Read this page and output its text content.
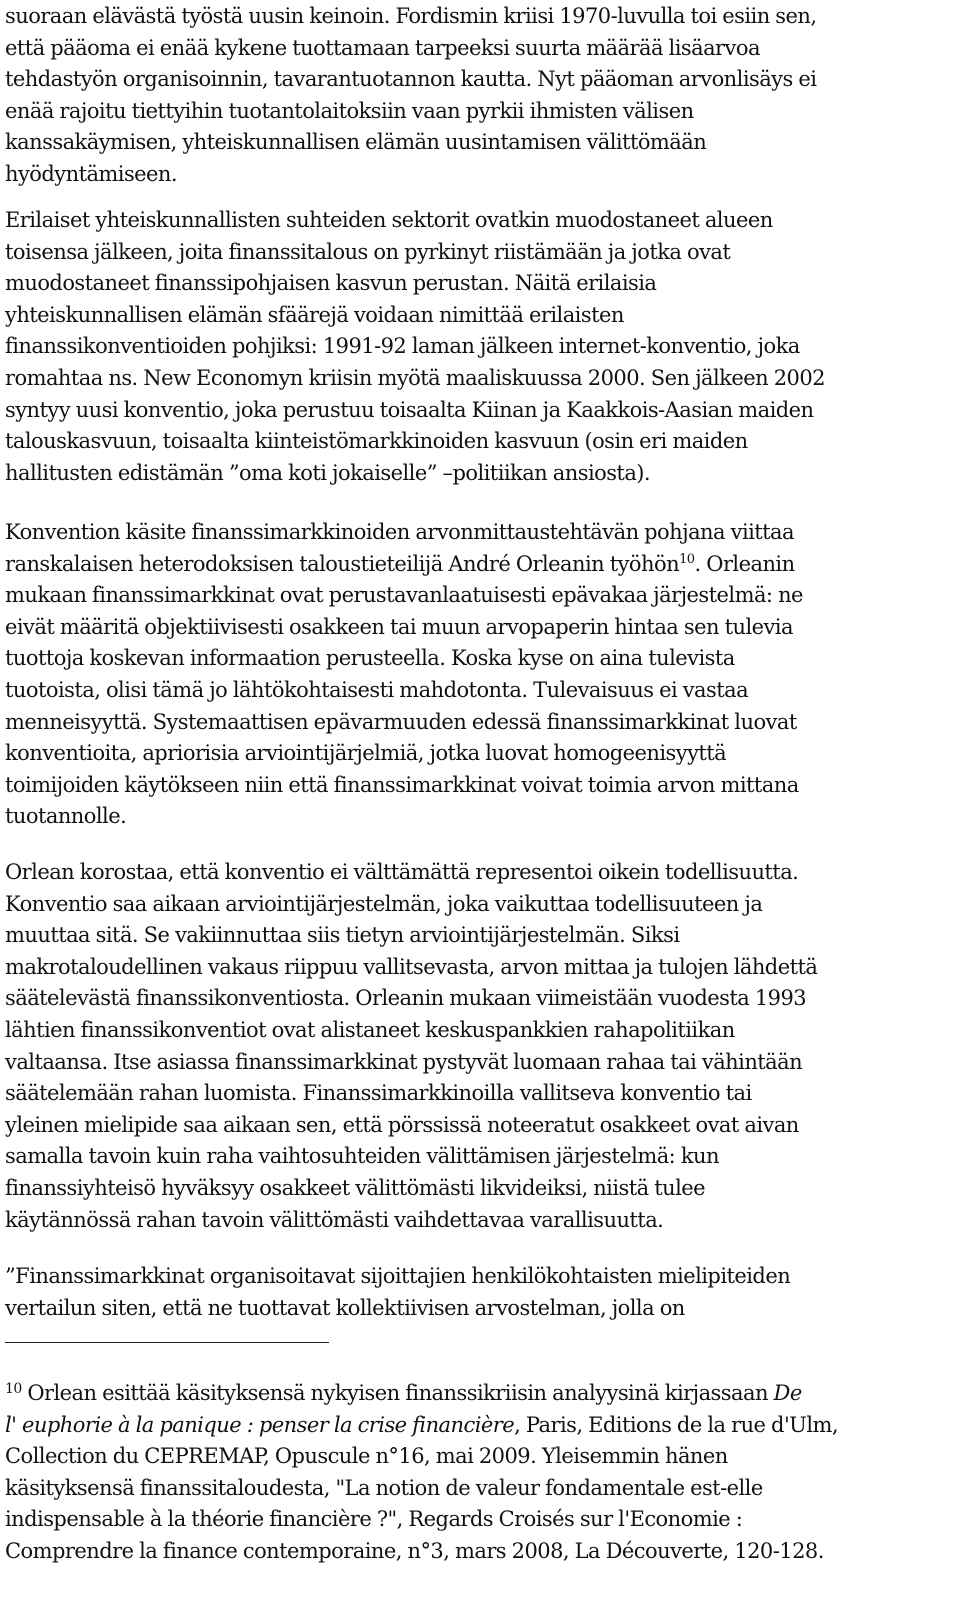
suoraan elävästä työstä uusin keinoin. Fordismin kriisi 1970-luvulla toi esiin sen,
että pääoma ei enää kykene tuottamaan tarpeeksi suurta määrää lisäarvoa
tehdastyön organisoinnin, tavarantuotannon kautta. Nyt pääoman arvonlisäys ei
enää rajoitu tiettyihin tuotantolaitoksiin vaan pyrkii ihmisten välisen
kanssakäymisen, yhteiskunnallisen elämän uusintamisen välittömään
hyödyntämiseen.

Erilaiset yhteiskunnallisten suhteiden sektorit ovatkin muodostaneet alueen
toisensa jälkeen, joita finanssitalous on pyrkinyt riistämään ja jotka ovat
muodostaneet finanssipohjaisen kasvun perustan. Näitä erilaisia
yhteiskunnallisen elämän sfäärejä voidaan nimittää erilaisten
finanssikonventioiden pohjiksi: 1991-92 laman jälkeen internet-konventio, joka
romahtaa ns. New Economyn kriisin myötä maaliskuussa 2000. Sen jälkeen 2002
syntyy uusi konventio, joka perustuu toisaalta Kiinan ja Kaakkois-Aasian maiden
talouskasvuun, toisaalta kiinteistömarkkinoiden kasvuun (osin eri maiden
hallitusten edistämän ”oma koti jokaiselle” –politiikan ansiosta).

Konvention käsite finanssimarkkinoiden arvonmittaustehtävän pohjana viittaa
ranskalaisen heterodoksisen taloustieteilijä André Orleanin työhön$^{10}$. Orleanin
mukaan finanssimarkkinat ovat perustavanlaatuisesti epävakaa järjestelmä: ne
eivät määritä objektiivisesti osakkeen tai muun arvopaperin hintaa sen tulevia
tuottoja koskevan informaation perusteella. Koska kyse on aina tulevista
tuotoista, olisi tämä jo lähtökohtaisesti mahdotonta. Tulevaisuus ei vastaa
menneisyyttä. Systemaattisen epävarmuuden edessä finanssimarkkinat luovat
konventioita, apriorisia arviointijärjelmiä, jotka luovat homogeenisyyttä
toimijoiden käytökseen niin että finanssimarkkinat voivat toimia arvon mittana
tuotannolle.

Orlean korostaa, että konventio ei välttämättä representoi oikein todellisuutta.
Konventio saa aikaan arviointijärjestelmän, joka vaikuttaa todellisuuteen ja
muuttaa sitä. Se vakiinnuttaa siis tietyn arviointijärjestelmän. Siksi
makrotaloudellinen vakaus riippuu vallitsevasta, arvon mittaa ja tulojen lähdettä
säätelevästä finanssikonventiosta. Orleanin mukaan viimeistään vuodesta 1993
lähtien finanssikonventiot ovat alistaneet keskuspankkien rahapolitiikan
valtaansa. Itse asiassa finanssimarkkinat pystyvät luomaan rahaa tai vähintään
säätelemään rahan luomista. Finanssimarkkinoilla vallitseva konventio tai
yleinen mielipide saa aikaan sen, että pörssissä noteeratut osakkeet ovat aivan
samalla tavoin kuin raha vaihtosuhteiden välittämisen järjestelmä: kun
finanssiyhteisö hyväksyy osakkeet välittömästi likvideiksi, niistä tulee
käytännössä rahan tavoin välittömästi vaihdettavaa varallisuutta.

”Finanssimarkkinat organisoitavat sijoittajien henkilökohtaisten mielipiteiden
vertailun siten, että ne tuottavat kollektiivisen arvostelman, jolla on

$^{10}$ Orlean esittää käsityksensä nykyisen finanssikriisin analyysinä kirjassaan De
l' euphorie à la panique : penser la crise financière, Paris, Editions de la rue d'Ulm,
Collection du CEPREMAP, Opuscule n°16, mai 2009. Yleisemmin hänen
käsityksensä finanssitaloudesta, "La notion de valeur fondamentale est-elle
indispensable à la théorie financière ?", Regards Croisés sur l'Economie :
Comprendre la finance contemporaine, n°3, mars 2008, La Découverte, 120-128.
